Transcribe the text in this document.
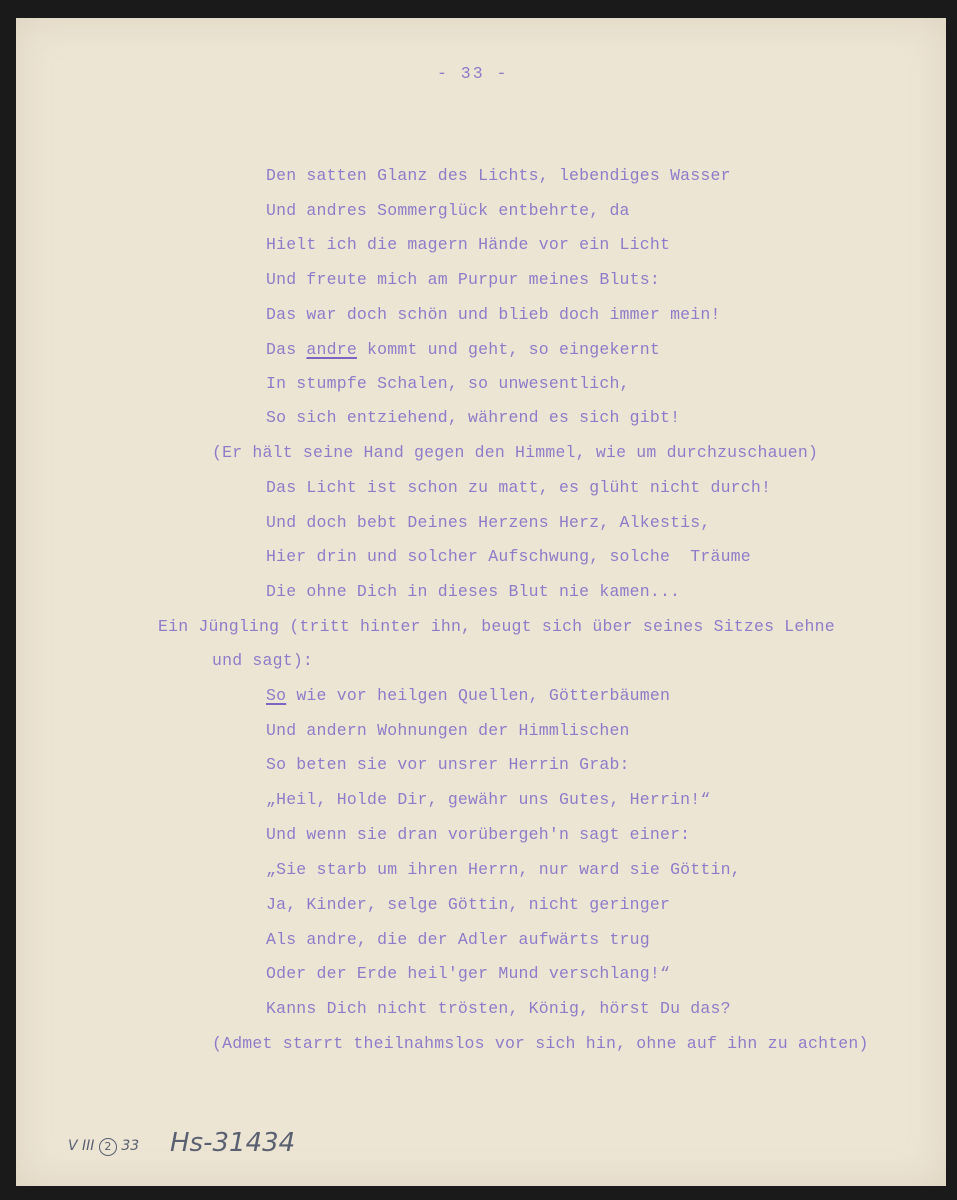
- 33 -
Den satten Glanz des Lichts, lebendiges Wasser
Und andres Sommerglück entbehrte, da
Hielt ich die magern Hände vor ein Licht
Und freute mich am Purpur meines Bluts:
Das war doch schön und blieb doch immer mein!
Das andre kommt und geht, so eingekernt
In stumpfe Schalen, so unwesentlich,
So sich entziehend, während es sich gibt!
(Er hält seine Hand gegen den Himmel, wie um durchzuschauen)
Das Licht ist schon zu matt, es glüht nicht durch!
Und doch bebt Deines Herzens Herz, Alkestis,
Hier drin und solcher Aufschwung, solche  Träume
Die ohne Dich in dieses Blut nie kamen...
Ein Jüngling (tritt hinter ihn, beugt sich über seines Sitzes Lehne
und sagt):
So wie vor heilgen Quellen, Götterbäumen
Und andern Wohnungen der Himmlischen
So beten sie vor unsrer Herrin Grab:
„Heil, Holde Dir, gewähr uns Gutes, Herrin!“
Und wenn sie dran vorübergeh'n sagt einer:
„Sie starb um ihren Herrn, nur ward sie Göttin,
Ja, Kinder, selge Göttin, nicht geringer
Als andre, die der Adler aufwärts trug
Oder der Erde heil'ger Mund verschlang!“
Kanns Dich nicht trösten, König, hörst Du das?
(Admet starrt theilnahmslos vor sich hin, ohne auf ihn zu achten)
V III 2 33 Hs-31434
